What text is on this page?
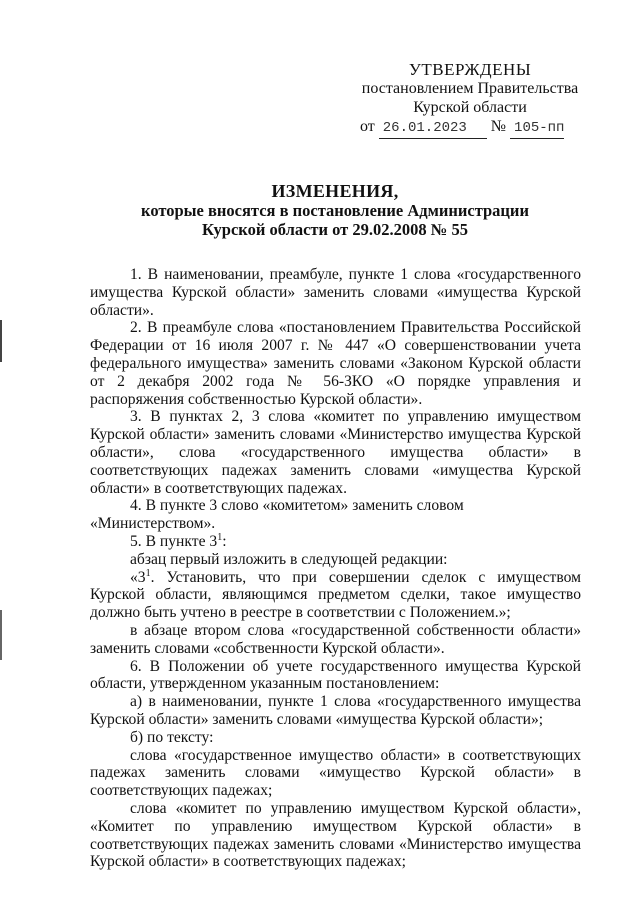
УТВЕРЖДЕНЫ
постановлением Правительства
Курской области
от 26.01.2023 № 105-пп
ИЗМЕНЕНИЯ,
которые вносятся в постановление Администрации
Курской области от 29.02.2008 № 55

1. В наименовании, преамбуле, пункте 1 слова «государственного имущества Курской области» заменить словами «имущества Курской области».

2. В преамбуле слова «постановлением Правительства Российской Федерации от 16 июля 2007 г. № 447 «О совершенствовании учета федерального имущества» заменить словами «Законом Курской области от 2 декабря 2002 года № 56-ЗКО «О порядке управления и распоряжения собственностью Курской области».

3. В пунктах 2, 3 слова «комитет по управлению имуществом Курской области» заменить словами «Министерство имущества Курской области», слова «государственного имущества области» в соответствующих падежах заменить словами «имущества Курской области» в соответствующих падежах.

4. В пункте 3 слово «комитетом» заменить словом «Министерством».

5. В пункте $3^1$:

абзац первый изложить в следующей редакции:

«$3^1$. Установить, что при совершении сделок с имуществом Курской области, являющимся предметом сделки, такое имущество должно быть учтено в реестре в соответствии с Положением.»;

в абзаце втором слова «государственной собственности области» заменить словами «собственности Курской области».

6. В Положении об учете государственного имущества Курской области, утвержденном указанным постановлением:

а) в наименовании, пункте 1 слова «государственного имущества Курской области» заменить словами «имущества Курской области»;

б) по тексту:

слова «государственное имущество области» в соответствующих падежах заменить словами «имущество Курской области» в соответствующих падежах;

слова «комитет по управлению имуществом Курской области», «Комитет по управлению имуществом Курской области» в соответствующих падежах заменить словами «Министерство имущества Курской области» в соответствующих падежах;
